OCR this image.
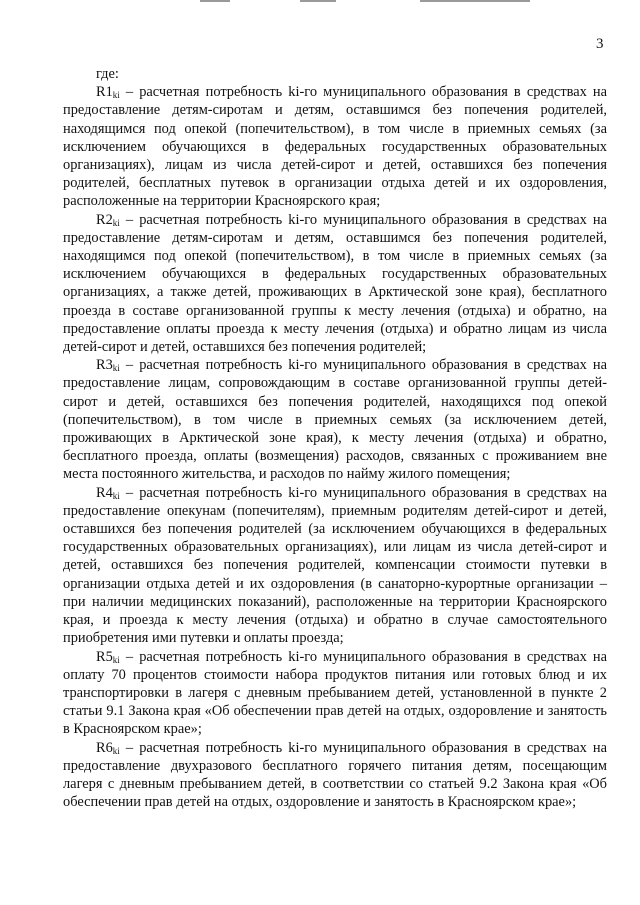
3

где:

$R1_{ki}$ – расчетная потребность ki-го муниципального образования в средствах на предоставление детям-сиротам и детям, оставшимся без попечения родителей, находящимся под опекой (попечительством), в том числе в приемных семьях (за исключением обучающихся в федеральных государственных образовательных организациях), лицам из числа детей-сирот и детей, оставшихся без попечения родителей, бесплатных путевок в организации отдыха детей и их оздоровления, расположенные на территории Красноярского края;

$R2_{ki}$ – расчетная потребность ki-го муниципального образования в средствах на предоставление детям-сиротам и детям, оставшимся без попечения родителей, находящимся под опекой (попечительством), в том числе в приемных семьях (за исключением обучающихся в федеральных государственных образовательных организациях, а также детей, проживающих в Арктической зоне края), бесплатного проезда в составе организованной группы к месту лечения (отдыха) и обратно, на предоставление оплаты проезда к месту лечения (отдыха) и обратно лицам из числа детей-сирот и детей, оставшихся без попечения родителей;

$R3_{ki}$ – расчетная потребность ki-го муниципального образования в средствах на предоставление лицам, сопровождающим в составе организованной группы детей-сирот и детей, оставшихся без попечения родителей, находящихся под опекой (попечительством), в том числе в приемных семьях (за исключением детей, проживающих в Арктической зоне края), к месту лечения (отдыха) и обратно, бесплатного проезда, оплаты (возмещения) расходов, связанных с проживанием вне места постоянного жительства, и расходов по найму жилого помещения;

$R4_{ki}$ – расчетная потребность ki-го муниципального образования в средствах на предоставление опекунам (попечителям), приемным родителям детей-сирот и детей, оставшихся без попечения родителей (за исключением обучающихся в федеральных государственных образовательных организациях), или лицам из числа детей-сирот и детей, оставшихся без попечения родителей, компенсации стоимости путевки в организации отдыха детей и их оздоровления (в санаторно-курортные организации – при наличии медицинских показаний), расположенные на территории Красноярского края, и проезда к месту лечения (отдыха) и обратно в случае самостоятельного приобретения ими путевки и оплаты проезда;

$R5_{ki}$ – расчетная потребность ki-го муниципального образования в средствах на оплату 70 процентов стоимости набора продуктов питания или готовых блюд и их транспортировки в лагеря с дневным пребыванием детей, установленной в пункте 2 статьи 9.1 Закона края «Об обеспечении прав детей на отдых, оздоровление и занятость в Красноярском крае»;

$R6_{ki}$ – расчетная потребность ki-го муниципального образования в средствах на предоставление двухразового бесплатного горячего питания детям, посещающим лагеря с дневным пребыванием детей, в соответствии со статьей 9.2 Закона края «Об обеспечении прав детей на отдых, оздоровление и занятость в Красноярском крае»;
